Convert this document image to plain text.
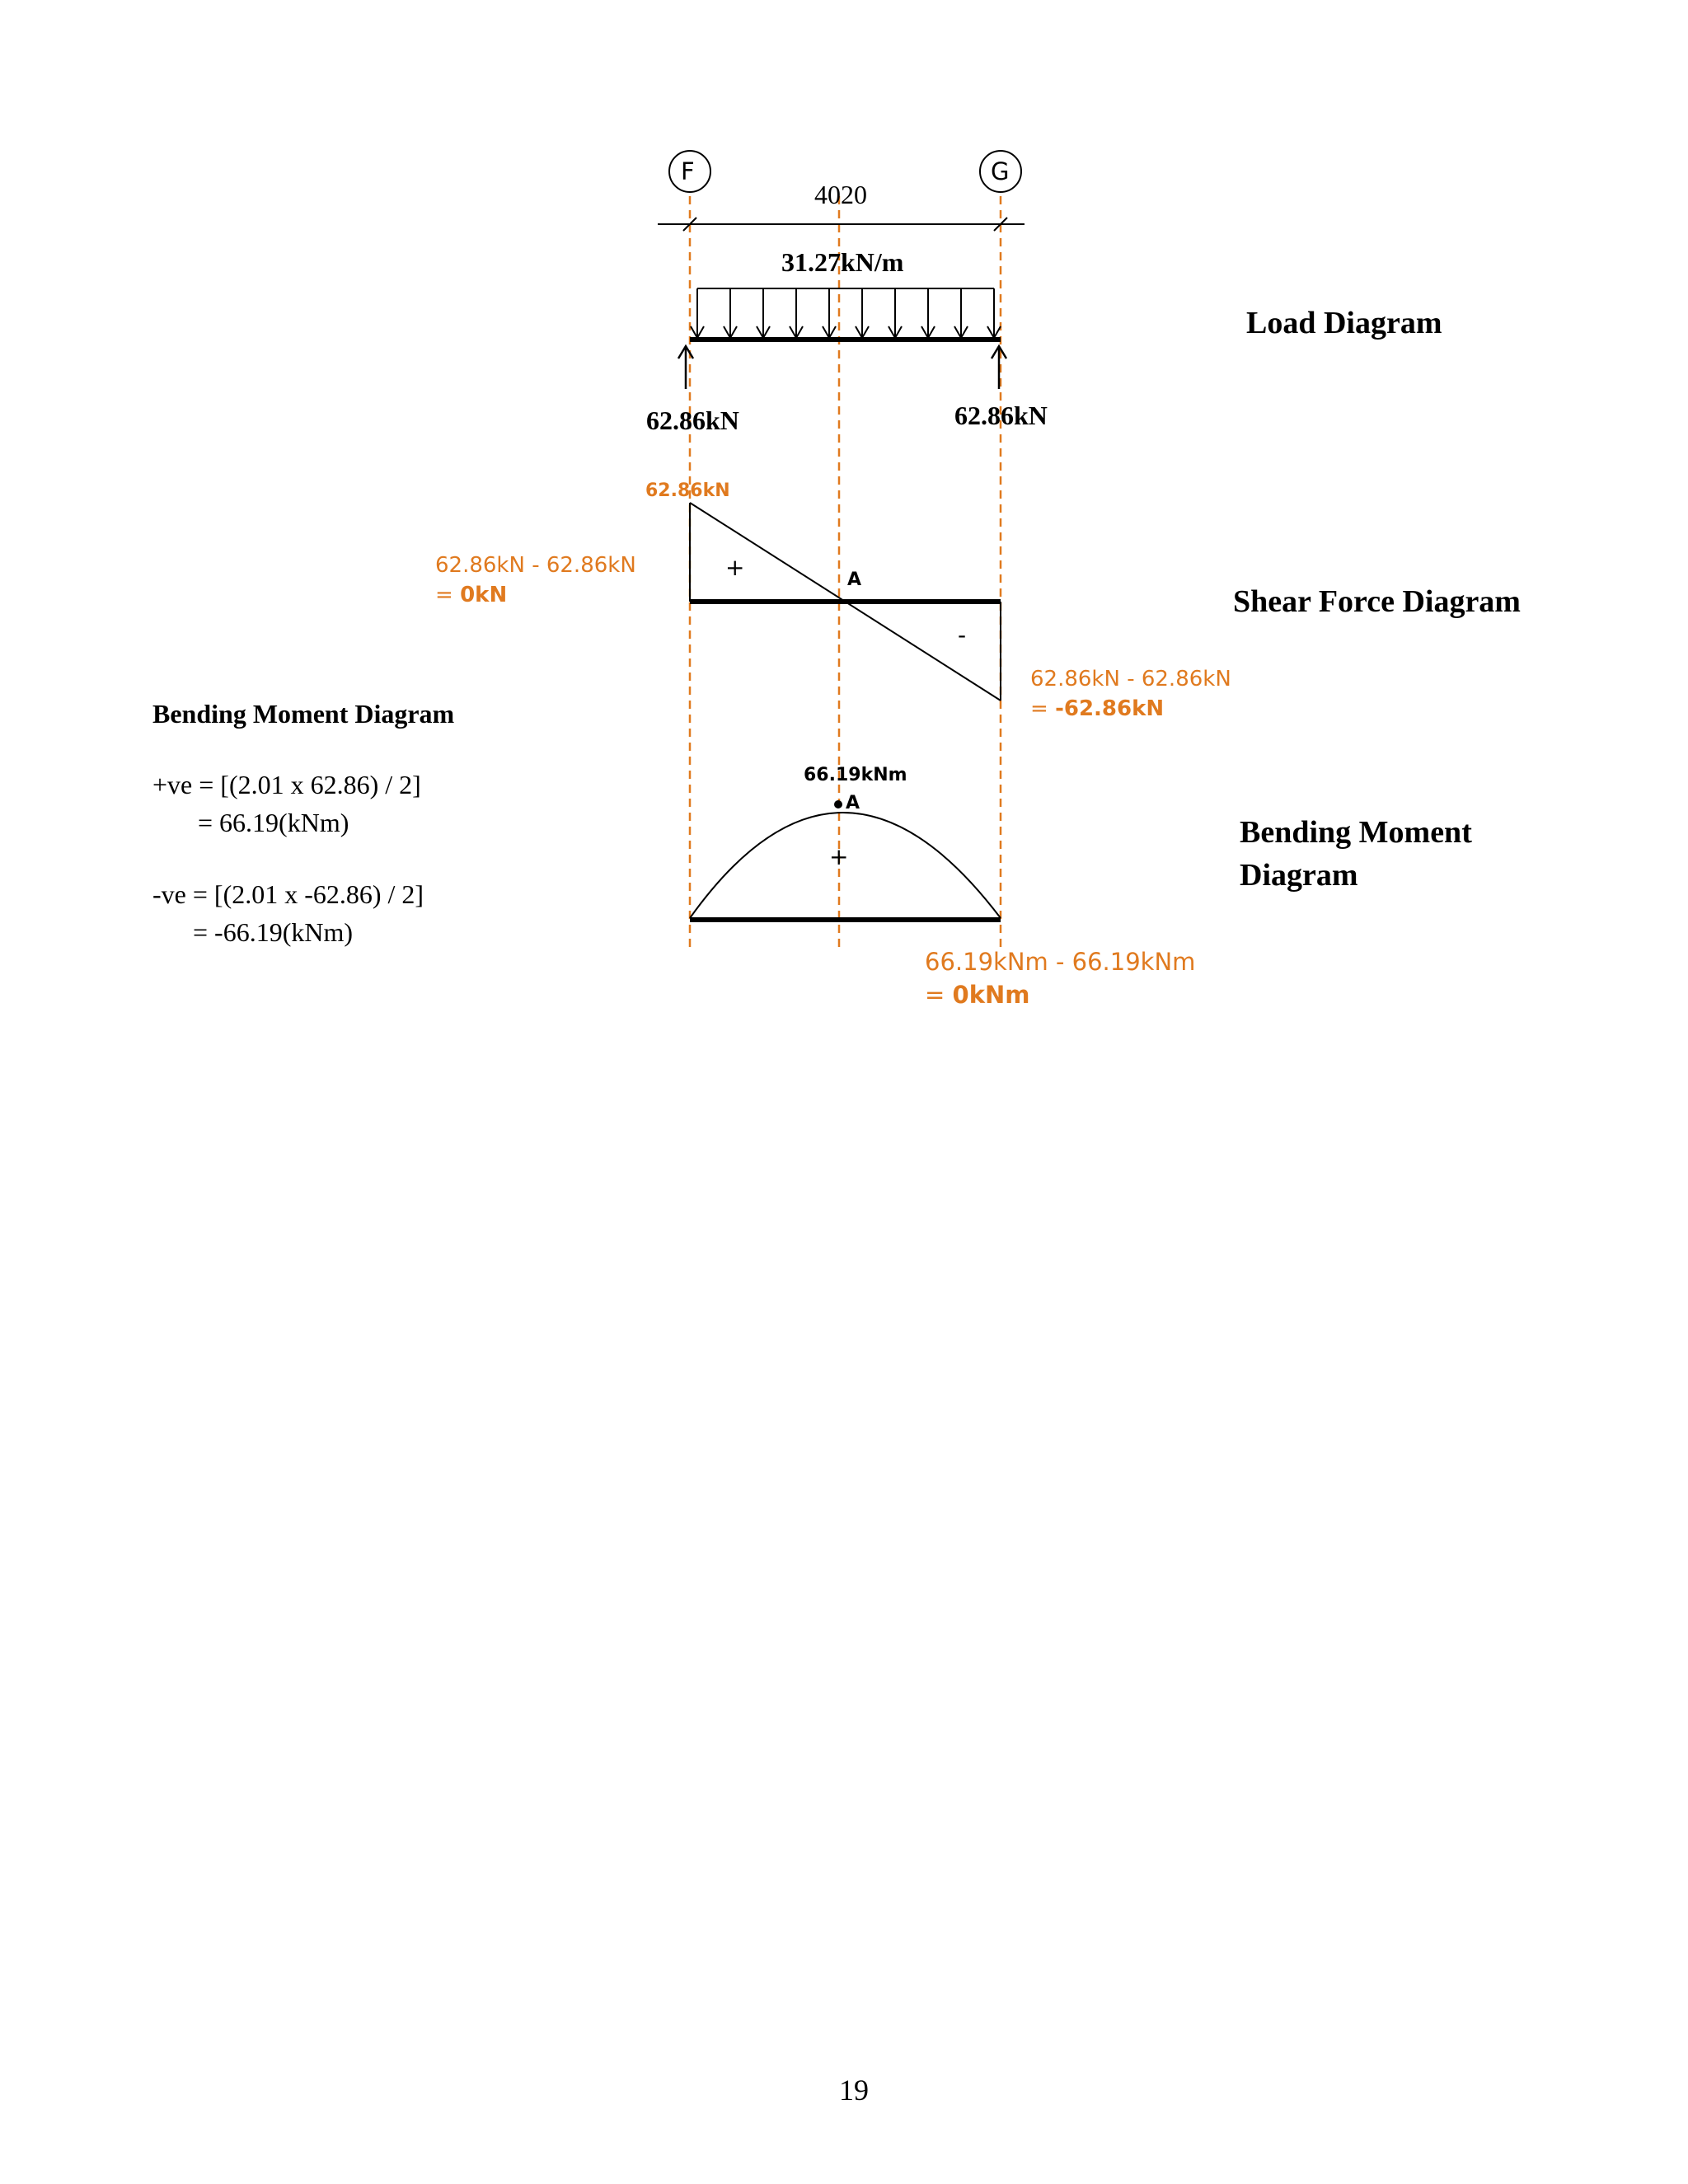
F	G
4020
31.27kN/m
62.86kN	62.86kN
Load Diagram
62.86kN
62.86kN - 62.86kN
= 0kN
+	A
-
Shear Force Diagram
62.86kN - 62.86kN
= -62.86kN
Bending Moment Diagram
+ve = [(2.01 x 62.86) / 2]
= 66.19(kNm)
-ve = [(2.01 x -62.86) / 2]
= -66.19(kNm)
66.19kNm
A
+
Bending Moment
Diagram
66.19kNm - 66.19kNm
= 0kNm
19
